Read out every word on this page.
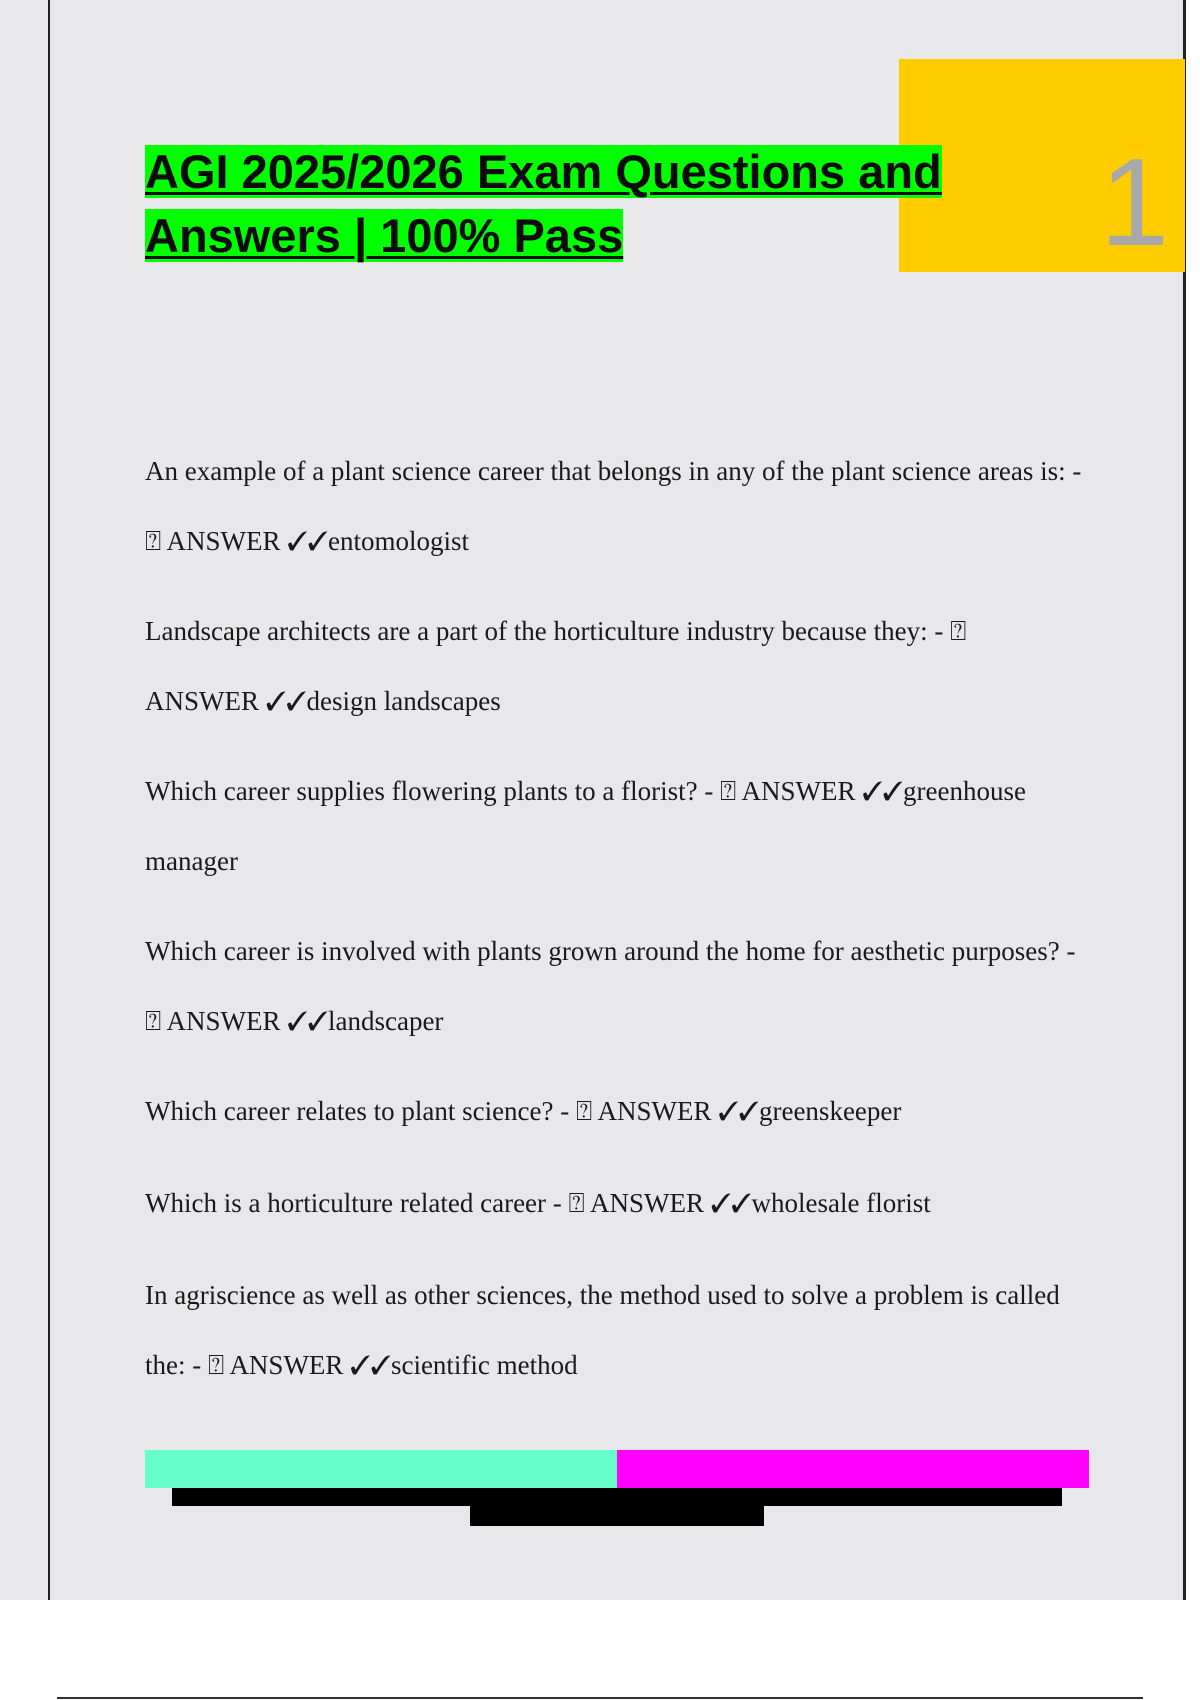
1
AGI 2025/2026 Exam Questions and Answers | 100% Pass

An example of a plant science career that belongs in any of the plant science areas is: - ⍰ ANSWER ✓✓entomologist

Landscape architects are a part of the horticulture industry because they: - ⍰ ANSWER ✓✓design landscapes

Which career supplies flowering plants to a florist? - ⍰ ANSWER ✓✓greenhouse manager

Which career is involved with plants grown around the home for aesthetic purposes? - ⍰ ANSWER ✓✓landscaper

Which career relates to plant science? - ⍰ ANSWER ✓✓greenskeeper

Which is a horticulture related career - ⍰ ANSWER ✓✓wholesale florist

In agriscience as well as other sciences, the method used to solve a problem is called the: - ⍰ ANSWER ✓✓scientific method
